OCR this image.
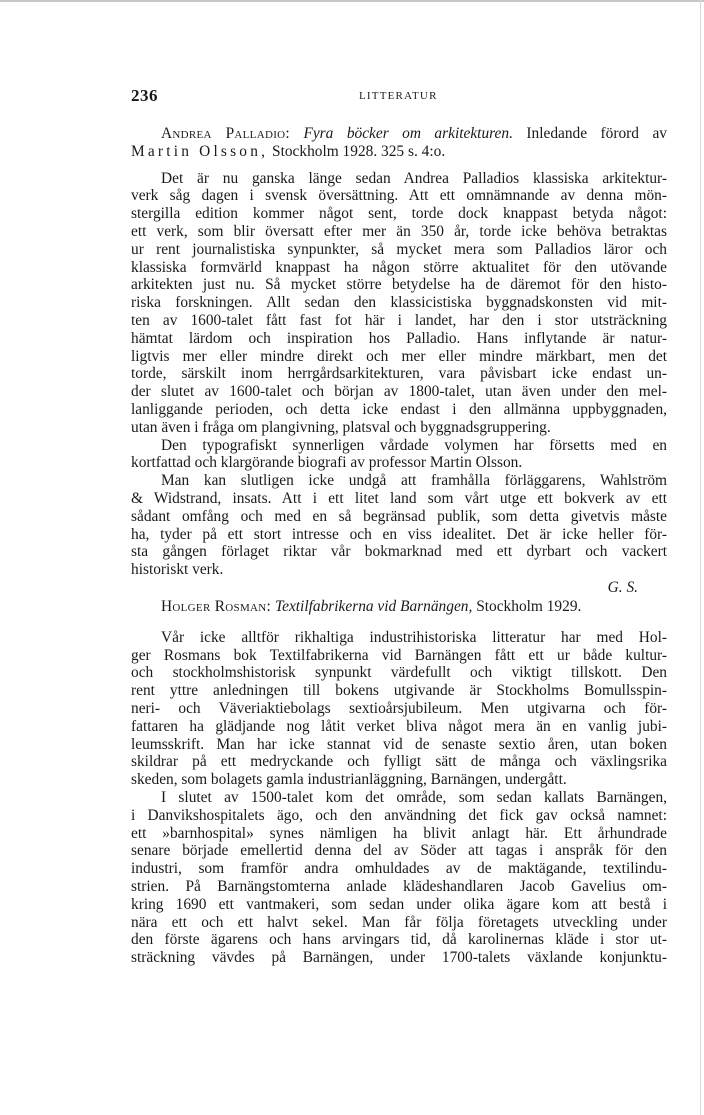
236	LITTERATUR
Andrea Palladio: Fyra böcker om arkitekturen. Inledande förord av
Martin Olsson, Stockholm 1928. 325 s. 4:o.
Det är nu ganska länge sedan Andrea Palladios klassiska arkitektur-
verk såg dagen i svensk översättning. Att ett omnämnande av denna mön-
stergilla edition kommer något sent, torde dock knappast betyda något:
ett verk, som blir översatt efter mer än 350 år, torde icke behöva betraktas
ur rent journalistiska synpunkter, så mycket mera som Palladios läror och
klassiska formvärld knappast ha någon större aktualitet för den utövande
arkitekten just nu. Så mycket större betydelse ha de däremot för den histo-
riska forskningen. Allt sedan den klassicistiska byggnadskonsten vid mit-
ten av 1600-talet fått fast fot här i landet, har den i stor utsträckning
hämtat lärdom och inspiration hos Palladio. Hans inflytande är natur-
ligtvis mer eller mindre direkt och mer eller mindre märkbart, men det
torde, särskilt inom herrgårdsarkitekturen, vara påvisbart icke endast un-
der slutet av 1600-talet och början av 1800-talet, utan även under den mel-
lanliggande perioden, och detta icke endast i den allmänna uppbyggnaden,
utan även i fråga om plangivning, platsval och byggnadsgruppering.
Den typografiskt synnerligen vårdade volymen har försetts med en
kortfattad och klargörande biografi av professor Martin Olsson.
Man kan slutligen icke undgå att framhålla förläggarens, Wahlström
& Widstrand, insats. Att i ett litet land som vårt utge ett bokverk av ett
sådant omfång och med en så begränsad publik, som detta givetvis måste
ha, tyder på ett stort intresse och en viss idealitet. Det är icke heller för-
sta gången förlaget riktar vår bokmarknad med ett dyrbart och vackert
historiskt verk.
G. S.
Holger Rosman: Textilfabrikerna vid Barnängen, Stockholm 1929.
Vår icke alltför rikhaltiga industrihistoriska litteratur har med Hol-
ger Rosmans bok Textilfabrikerna vid Barnängen fått ett ur både kultur-
och stockholmshistorisk synpunkt värdefullt och viktigt tillskott. Den
rent yttre anledningen till bokens utgivande är Stockholms Bomullsspin-
neri- och Väveriaktiebolags sextioårsjubileum. Men utgivarna och för-
fattaren ha glädjande nog låtit verket bliva något mera än en vanlig jubi-
leumsskrift. Man har icke stannat vid de senaste sextio åren, utan boken
skildrar på ett medryckande och fylligt sätt de många och växlingsrika
skeden, som bolagets gamla industrianläggning, Barnängen, undergått.
I slutet av 1500-talet kom det område, som sedan kallats Barnängen,
i Danvikshospitalets ägo, och den användning det fick gav också namnet:
ett »barnhospital» synes nämligen ha blivit anlagt här. Ett århundrade
senare började emellertid denna del av Söder att tagas i anspråk för den
industri, som framför andra omhuldades av de maktägande, textilindu-
strien. På Barnängstomterna anlade klädeshandlaren Jacob Gavelius om-
kring 1690 ett vantmakeri, som sedan under olika ägare kom att bestå i
nära ett och ett halvt sekel. Man får följa företagets utveckling under
den förste ägarens och hans arvingars tid, då karolinernas kläde i stor ut-
sträckning vävdes på Barnängen, under 1700-talets växlande konjunktu-
